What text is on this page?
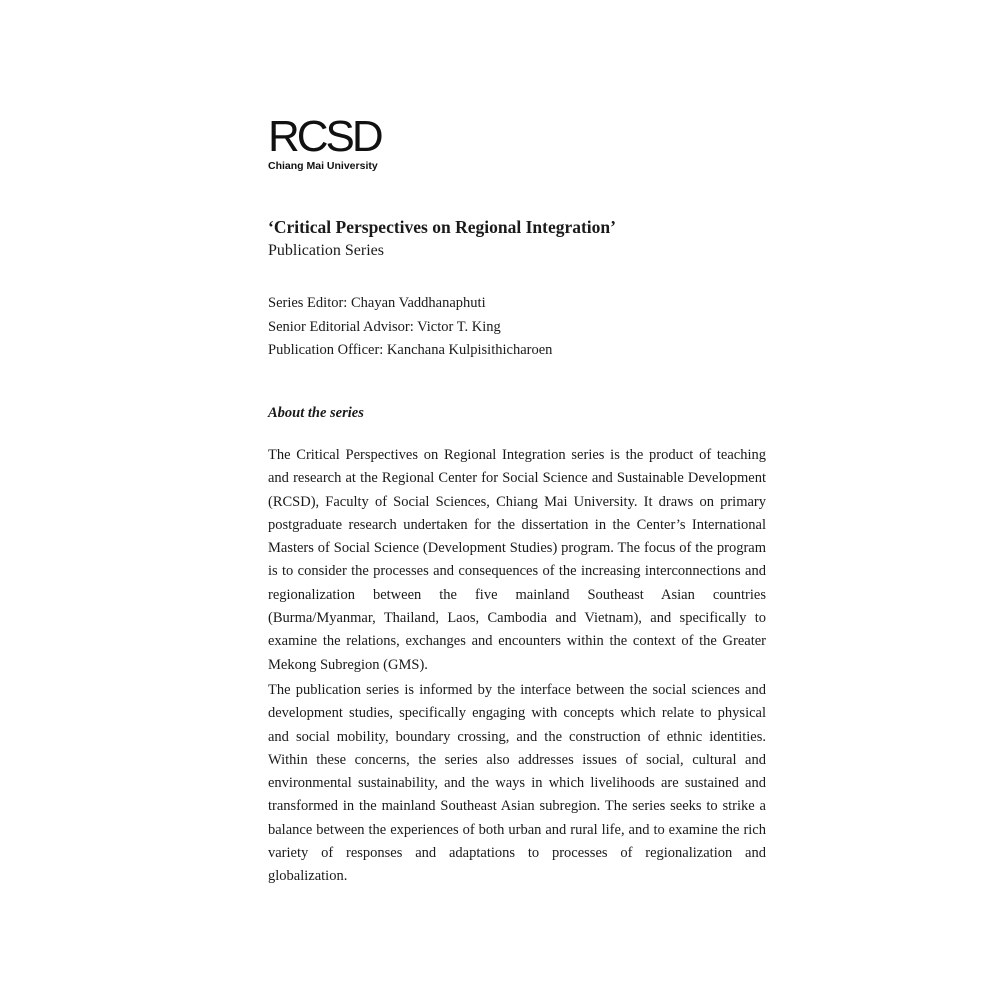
RCSD
Chiang Mai University
‘Critical Perspectives on Regional Integration’
Publication Series
Series Editor: Chayan Vaddhanaphuti
Senior Editorial Advisor: Victor T. King
Publication Officer: Kanchana Kulpisithicharoen
About the series

The Critical Perspectives on Regional Integration series is the product of teaching and research at the Regional Center for Social Science and Sustainable Development (RCSD), Faculty of Social Sciences, Chiang Mai University. It draws on primary postgraduate research undertaken for the dissertation in the Center’s International Masters of Social Science (Development Studies) program. The focus of the program is to consider the processes and consequences of the increasing interconnections and regionalization between the five mainland Southeast Asian countries (Burma/Myanmar, Thailand, Laos, Cambodia and Vietnam), and specifically to examine the relations, exchanges and encounters within the context of the Greater Mekong Subregion (GMS).

The publication series is informed by the interface between the social sciences and development studies, specifically engaging with concepts which relate to physical and social mobility, boundary crossing, and the construction of ethnic identities. Within these concerns, the series also addresses issues of social, cultural and environmental sustainability, and the ways in which livelihoods are sustained and transformed in the mainland Southeast Asian subregion. The series seeks to strike a balance between the experiences of both urban and rural life, and to examine the rich variety of responses and adaptations to processes of regionalization and globalization.
